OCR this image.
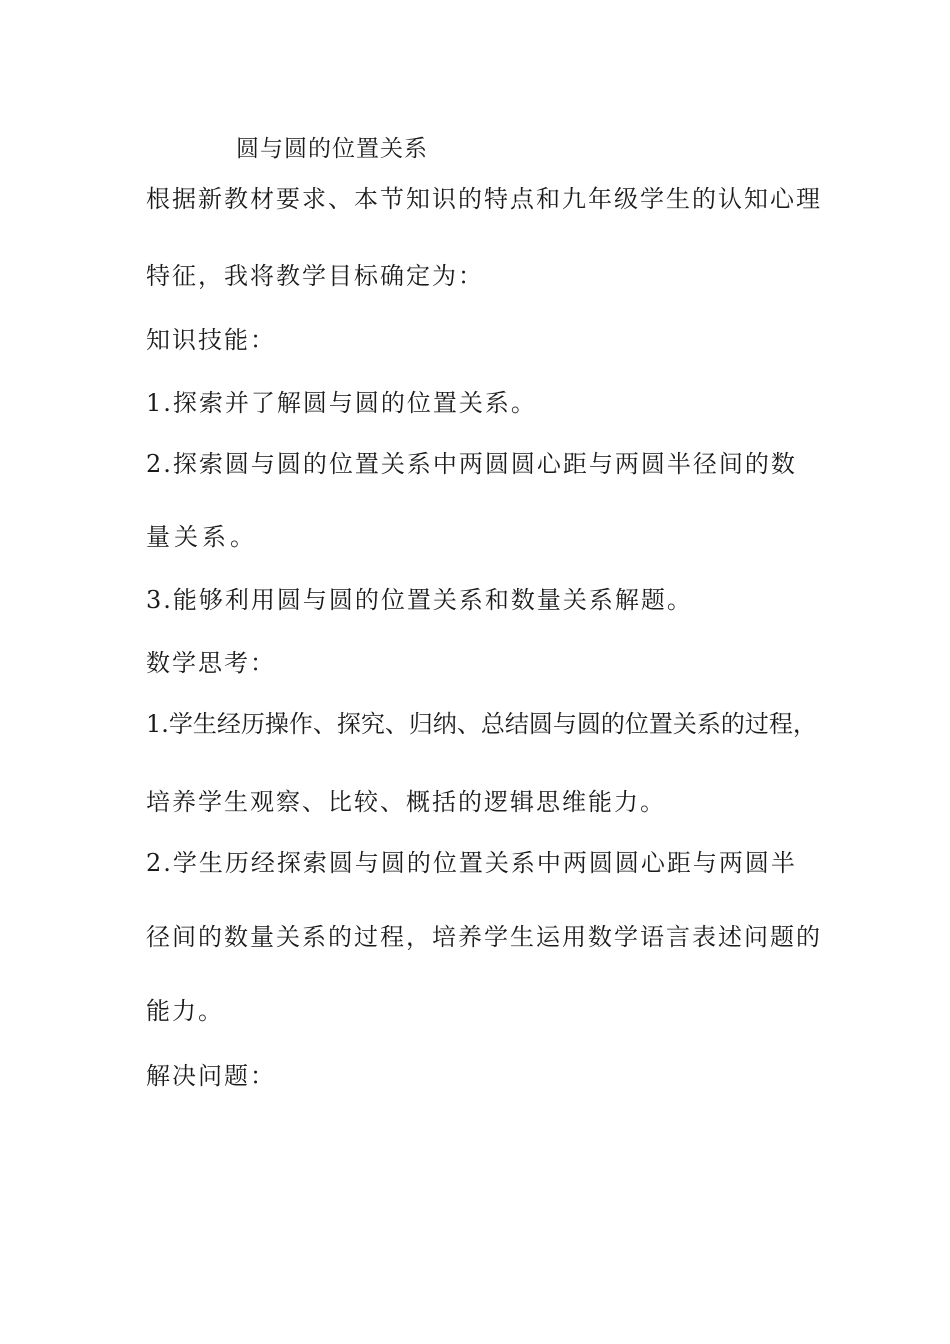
圆与圆的位置关系
根据新教材要求、本节知识的特点和九年级学生的认知心理
特征，我将教学目标确定为：
知识技能：
1.探索并了解圆与圆的位置关系。
2.探索圆与圆的位置关系中两圆圆心距与两圆半径间的数
量关系。
3.能够利用圆与圆的位置关系和数量关系解题。
数学思考：
1.学生经历操作、探究、归纳、总结圆与圆的位置关系的过程，
培养学生观察、比较、概括的逻辑思维能力。
2.学生历经探索圆与圆的位置关系中两圆圆心距与两圆半
径间的数量关系的过程，培养学生运用数学语言表述问题的
能力。
解决问题：
